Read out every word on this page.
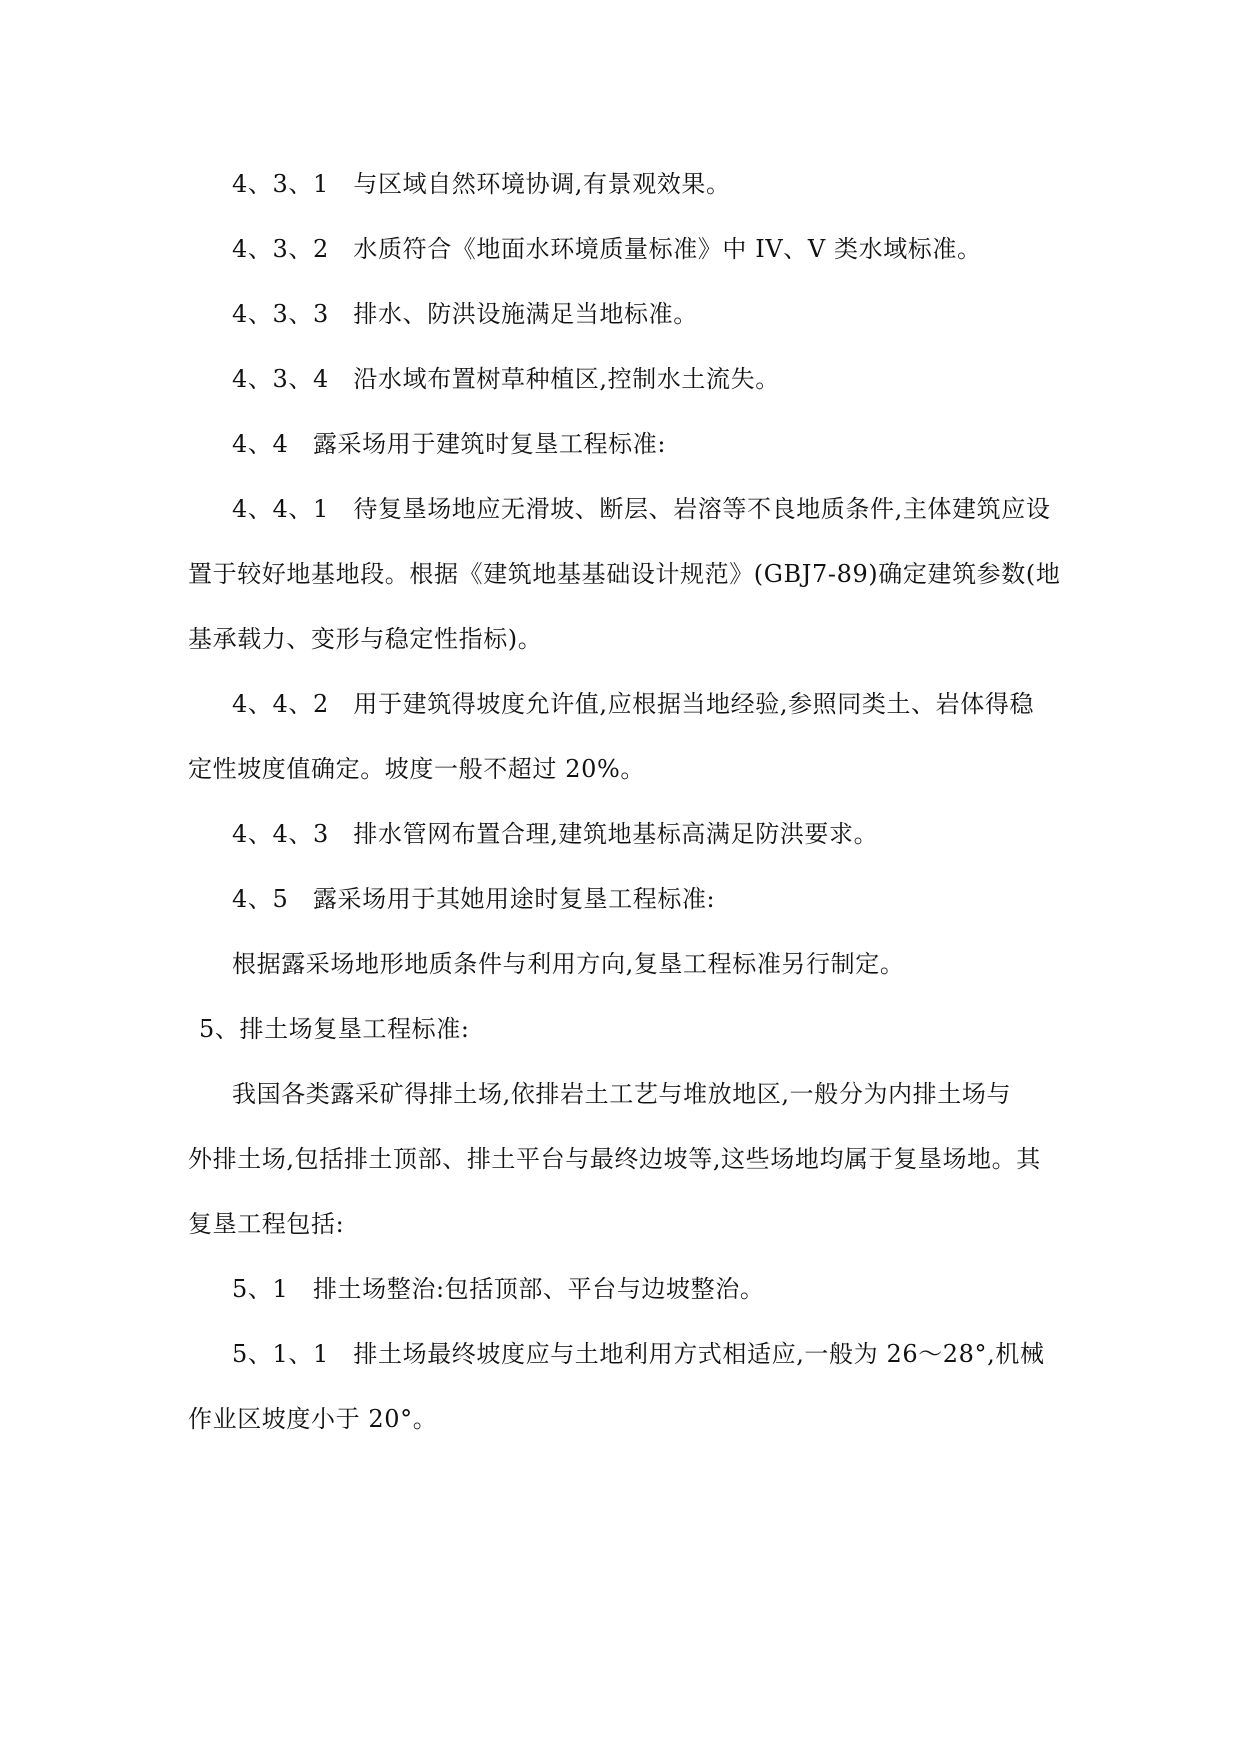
4、3、1　与区域自然环境协调,有景观效果。
4、3、2　水质符合《地面水环境质量标准》中 IV、V 类水域标准。
4、3、3　排水、防洪设施满足当地标准。
4、3、4　沿水域布置树草种植区,控制水土流失。
4、4　露采场用于建筑时复垦工程标准:
4、4、1　待复垦场地应无滑坡、断层、岩溶等不良地质条件,主体建筑应设
置于较好地基地段。根据《建筑地基基础设计规范》(GBJ7-89)确定建筑参数(地
基承载力、变形与稳定性指标)。
4、4、2　用于建筑得坡度允许值,应根据当地经验,参照同类土、岩体得稳
定性坡度值确定。坡度一般不超过 20%。
4、4、3　排水管网布置合理,建筑地基标高满足防洪要求。
4、5　露采场用于其她用途时复垦工程标准:
根据露采场地形地质条件与利用方向,复垦工程标准另行制定。
5、排土场复垦工程标准:
我国各类露采矿得排土场,依排岩土工艺与堆放地区,一般分为内排土场与
外排土场,包括排土顶部、排土平台与最终边坡等,这些场地均属于复垦场地。其
复垦工程包括:
5、1　排土场整治:包括顶部、平台与边坡整治。
5、1、1　排土场最终坡度应与土地利用方式相适应,一般为 26～28°,机械
作业区坡度小于 20°。
